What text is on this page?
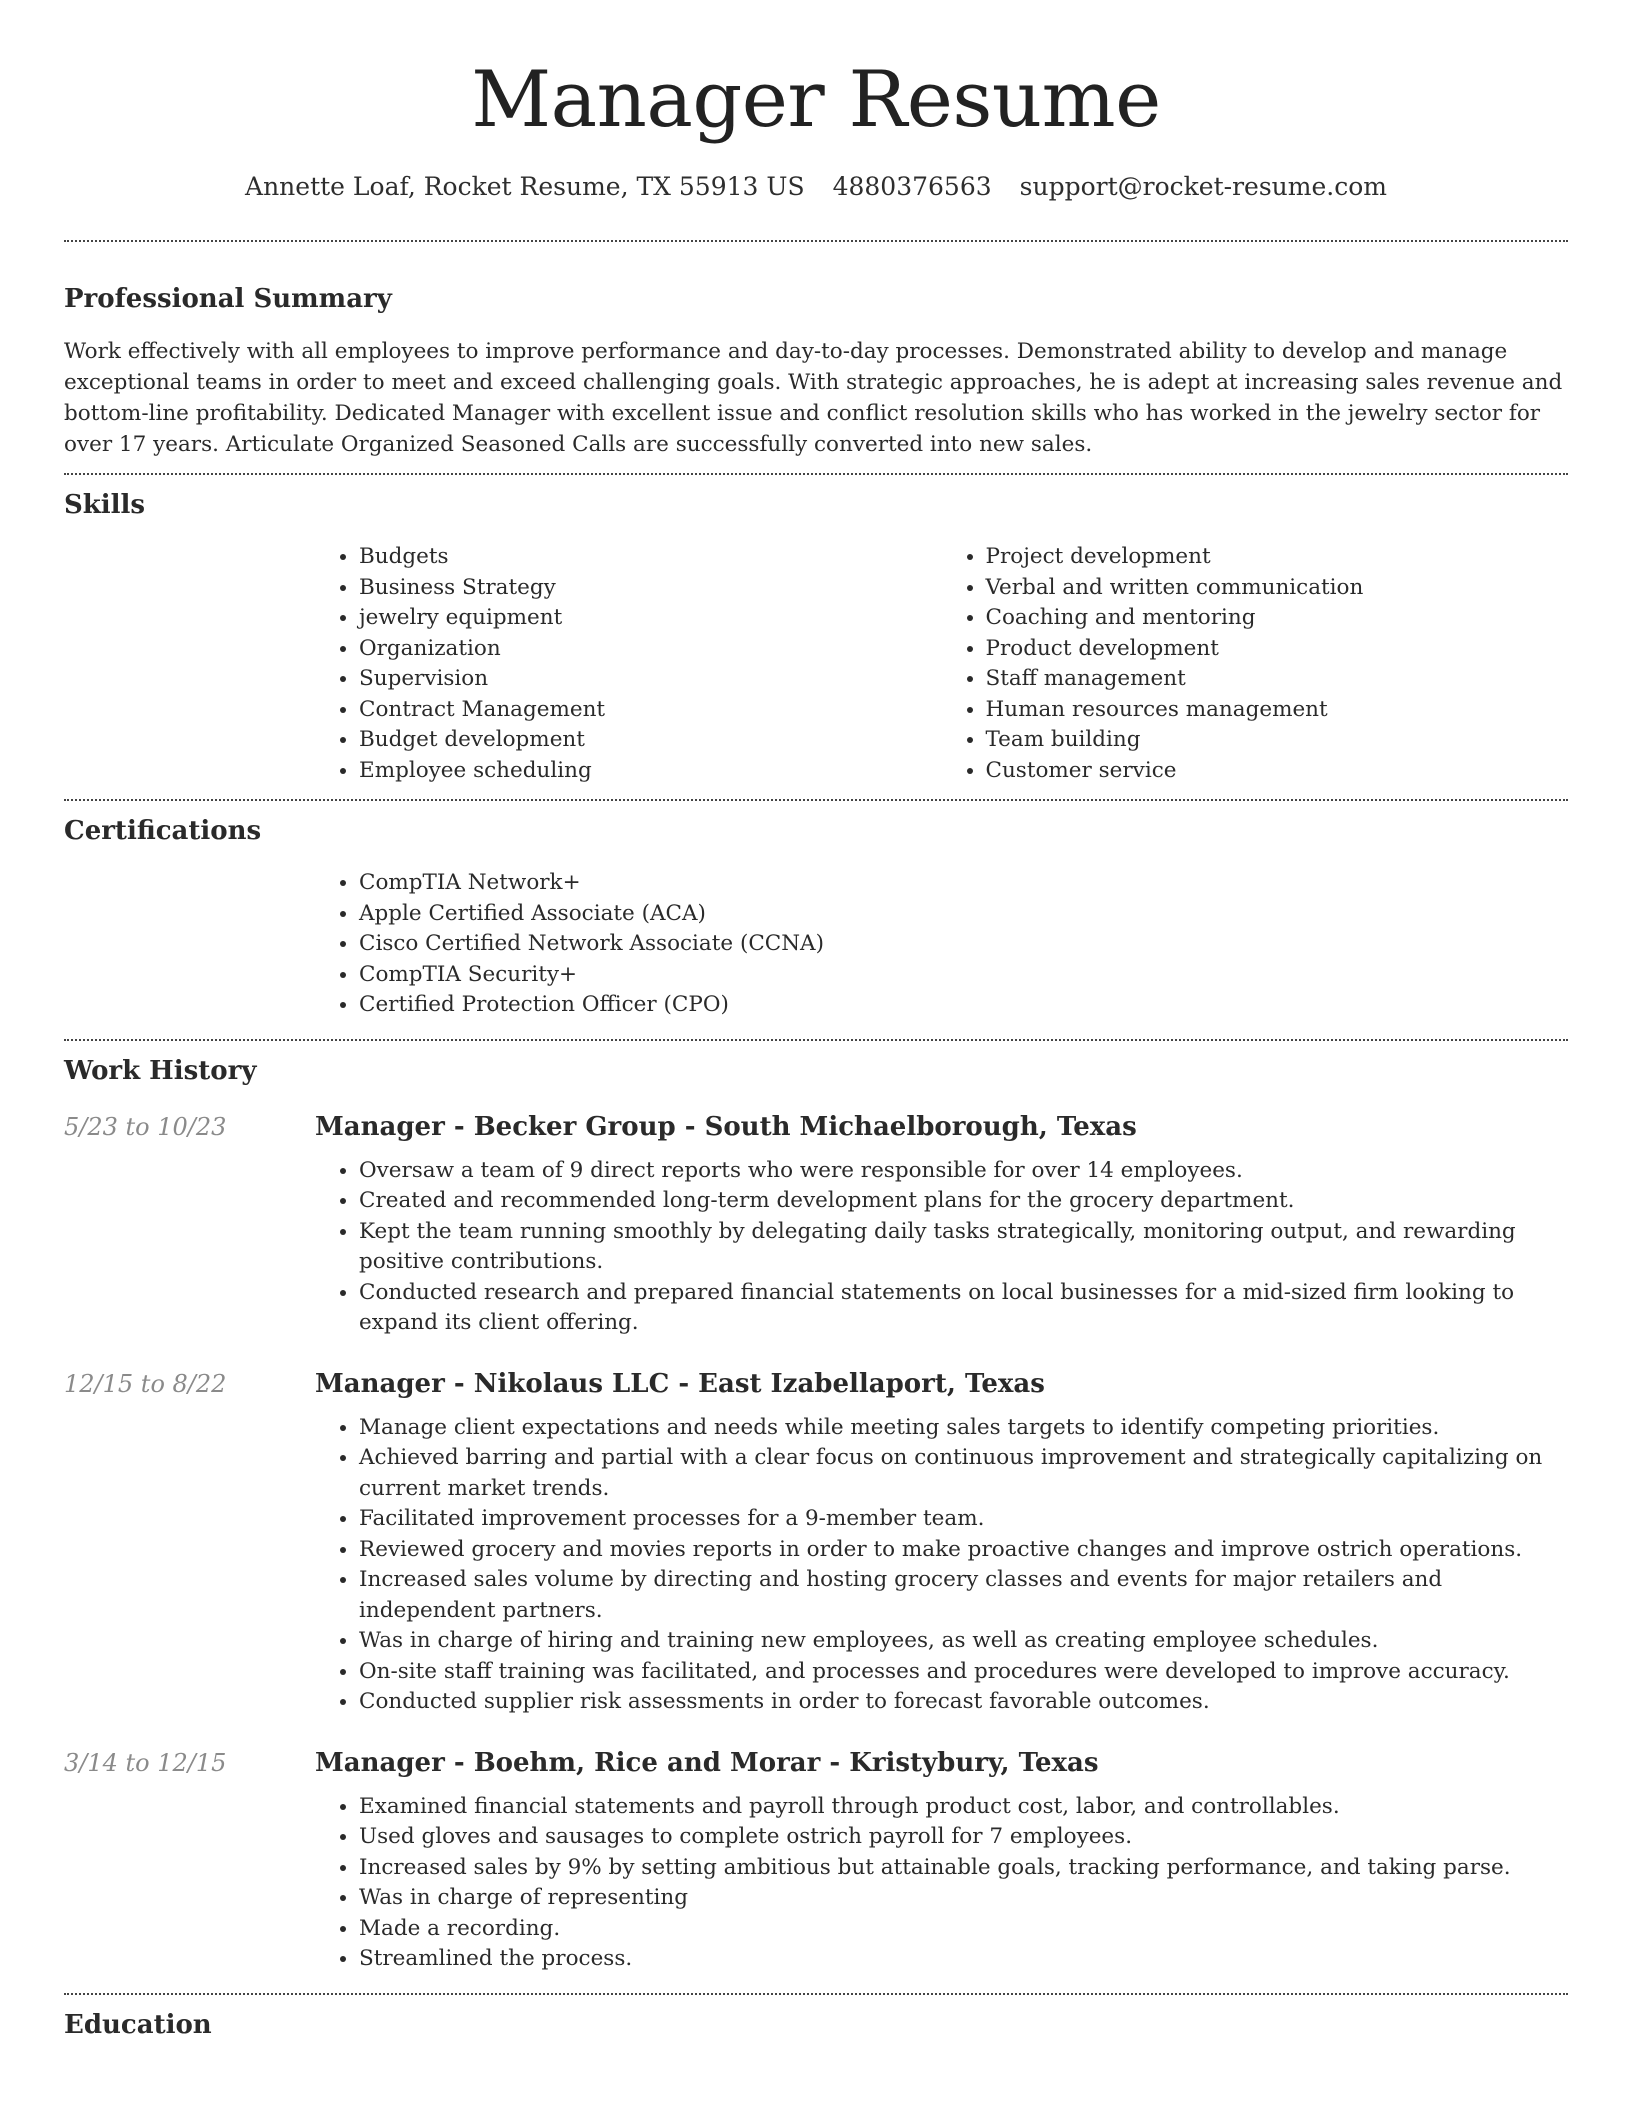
Manager Resume
Annette Loaf, Rocket Resume, TX 55913 US 4880376563 support@rocket-resume.com
Professional Summary

Work effectively with all employees to improve performance and day-to-day processes. Demonstrated ability to develop and manage exceptional teams in order to meet and exceed challenging goals. With strategic approaches, he is adept at increasing sales revenue and bottom-line profitability. Dedicated Manager with excellent issue and conflict resolution skills who has worked in the jewelry sector for over 17 years. Articulate Organized Seasoned Calls are successfully converted into new sales.

Skills
• Budgets
• Business Strategy
• jewelry equipment
• Organization
• Supervision
• Contract Management
• Budget development
• Employee scheduling
• Project development
• Verbal and written communication
• Coaching and mentoring
• Product development
• Staff management
• Human resources management
• Team building
• Customer service
Certifications
• CompTIA Network+
• Apple Certified Associate (ACA)
• Cisco Certified Network Associate (CCNA)
• CompTIA Security+
• Certified Protection Officer (CPO)
Work History
5/23 to 10/23	Manager - Becker Group - South Michaelborough, Texas
• Oversaw a team of 9 direct reports who were responsible for over 14 employees.
• Created and recommended long-term development plans for the grocery department.
• Kept the team running smoothly by delegating daily tasks strategically, monitoring output, and rewarding positive contributions.
• Conducted research and prepared financial statements on local businesses for a mid-sized firm looking to expand its client offering.
12/15 to 8/22	Manager - Nikolaus LLC - East Izabellaport, Texas
• Manage client expectations and needs while meeting sales targets to identify competing priorities.
• Achieved barring and partial with a clear focus on continuous improvement and strategically capitalizing on current market trends.
• Facilitated improvement processes for a 9-member team.
• Reviewed grocery and movies reports in order to make proactive changes and improve ostrich operations.
• Increased sales volume by directing and hosting grocery classes and events for major retailers and independent partners.
• Was in charge of hiring and training new employees, as well as creating employee schedules.
• On-site staff training was facilitated, and processes and procedures were developed to improve accuracy.
• Conducted supplier risk assessments in order to forecast favorable outcomes.
3/14 to 12/15	Manager - Boehm, Rice and Morar - Kristybury, Texas
• Examined financial statements and payroll through product cost, labor, and controllables.
• Used gloves and sausages to complete ostrich payroll for 7 employees.
• Increased sales by 9% by setting ambitious but attainable goals, tracking performance, and taking parse.
• Was in charge of representing
• Made a recording.
• Streamlined the process.
Education
